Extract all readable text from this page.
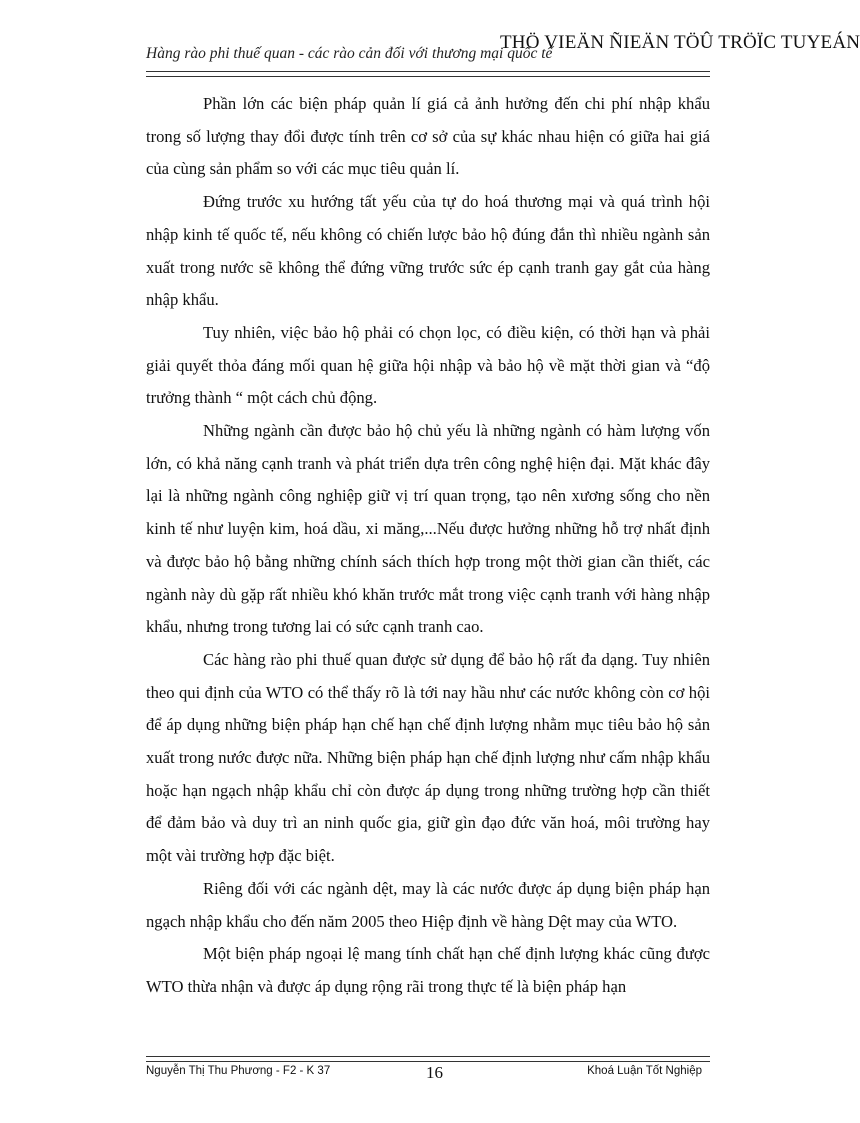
Hàng rào phi thuế quan - các rào cản đối với thương mại quốc tế
THÖ VIEÄN ÑIEÄN TÖÛ TRÖÏC TUYEÁN

Phần lớn các biện pháp quản lí giá cả ảnh hưởng đến chi phí nhập khẩu trong số lượng thay đổi được tính trên cơ sở của sự khác nhau hiện có giữa hai giá của cùng sản phẩm so với các mục tiêu quản lí.

Đứng trước xu hướng tất yếu của tự do hoá thương mại và quá trình hội nhập kinh tế quốc tế, nếu không có chiến lược bảo hộ đúng đắn thì nhiều ngành sản xuất trong nước sẽ không thể đứng vững trước sức ép cạnh tranh gay gắt của hàng nhập khẩu.

Tuy nhiên, việc bảo hộ phải có chọn lọc, có điều kiện, có thời hạn và phải giải quyết thỏa đáng mối quan hệ giữa hội nhập và bảo hộ về mặt thời gian và “độ trưởng thành “ một cách chủ động.

Những ngành cần được bảo hộ chủ yếu là những ngành có hàm lượng vốn lớn, có khả năng cạnh tranh và phát triển dựa trên công nghệ hiện đại. Mặt khác đây lại là những ngành công nghiệp giữ vị trí quan trọng, tạo nên xương sống cho nền kinh tế như luyện kim, hoá dầu, xi măng,...Nếu được hưởng những hỗ trợ nhất định và được bảo hộ bằng những chính sách thích hợp trong một thời gian cần thiết, các ngành này dù gặp rất nhiều khó khăn trước mắt trong việc cạnh tranh với hàng nhập khẩu, nhưng trong tương lai có sức cạnh tranh cao.

Các hàng rào phi thuế quan được sử dụng để bảo hộ rất đa dạng. Tuy nhiên theo qui định của WTO có thể thấy rõ là tới nay hầu như các nước không còn cơ hội để áp dụng những biện pháp hạn chế hạn chế định lượng nhằm mục tiêu bảo hộ sản xuất trong nước được nữa. Những biện pháp hạn chế định lượng như cấm nhập khẩu hoặc hạn ngạch nhập khẩu chỉ còn được áp dụng trong những trường hợp cần thiết để đảm bảo và duy trì an ninh quốc gia, giữ gìn đạo đức văn hoá, môi trường hay một vài trường hợp đặc biệt.

Riêng đối với các ngành dệt, may là các nước được áp dụng biện pháp hạn ngạch nhập khẩu cho đến năm 2005 theo Hiệp định về hàng Dệt may của WTO.

Một biện pháp ngoại lệ mang tính chất hạn chế định lượng khác cũng được WTO thừa nhận và được áp dụng rộng rãi trong thực tế là biện pháp hạn

Nguyễn Thị Thu Phương - F2 - K 37	16	Khoá Luận Tốt Nghiệp
